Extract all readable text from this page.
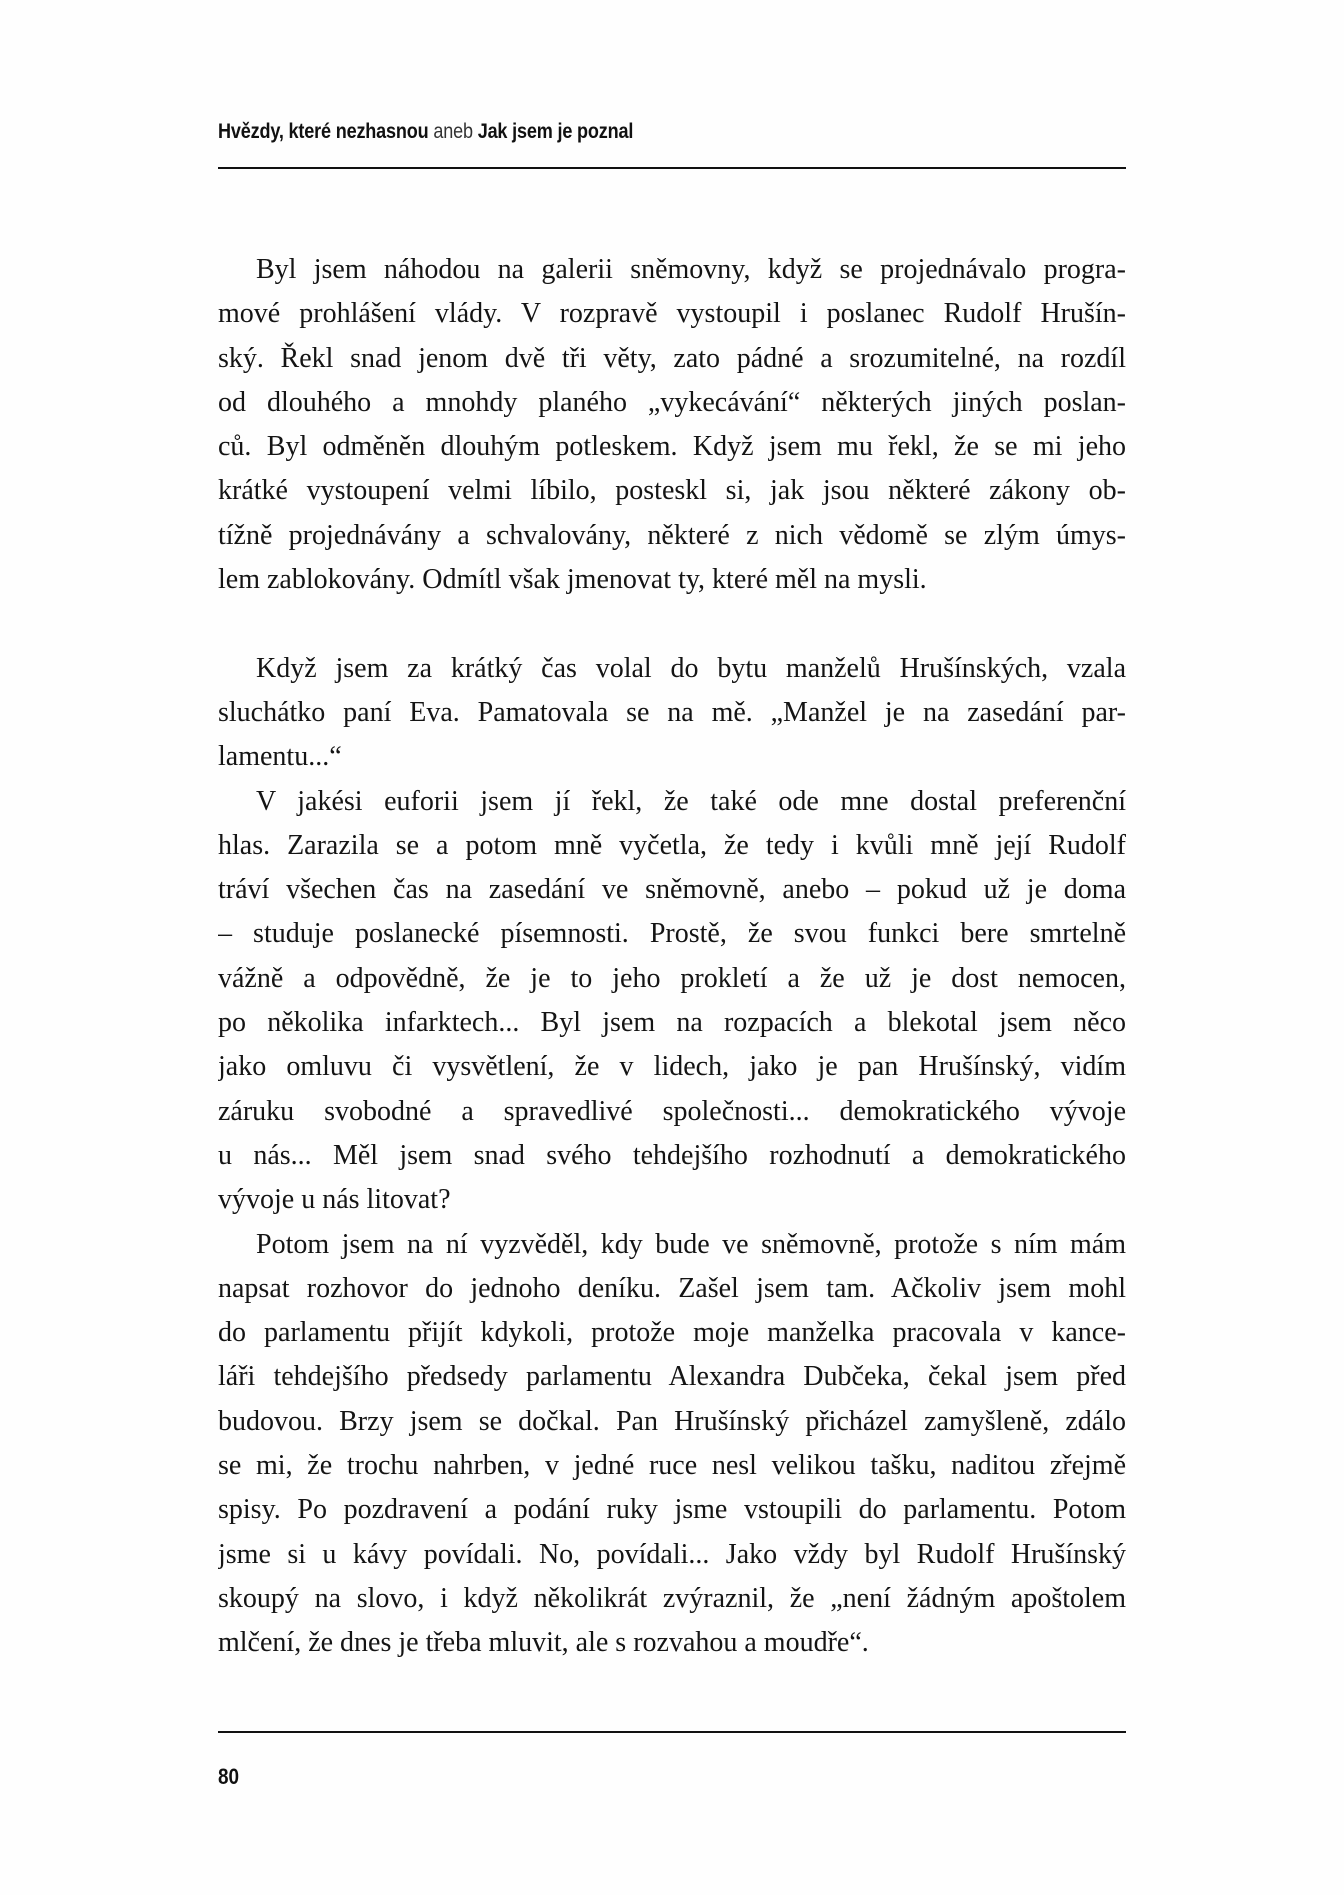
Hvězdy, které nezhasnou aneb Jak jsem je poznal
Byl jsem náhodou na galerii sněmovny, když se projednávalo progra-
mové prohlášení vlády. V rozpravě vystoupil i poslanec Rudolf Hrušín-
ský. Řekl snad jenom dvě tři věty, zato pádné a srozumitelné, na rozdíl
od dlouhého a mnohdy planého „vykecávání“ některých jiných poslan-
ců. Byl odměněn dlouhým potleskem. Když jsem mu řekl, že se mi jeho
krátké vystoupení velmi líbilo, posteskl si, jak jsou některé zákony ob-
tížně projednávány a schvalovány, některé z nich vědomě se zlým úmys-
lem zablokovány. Odmítl však jmenovat ty, které měl na mysli.
Když jsem za krátký čas volal do bytu manželů Hrušínských, vzala
sluchátko paní Eva. Pamatovala se na mě. „Manžel je na zasedání par-
lamentu...“
V jakési euforii jsem jí řekl, že také ode mne dostal preferenční
hlas. Zarazila se a potom mně vyčetla, že tedy i kvůli mně její Rudolf
tráví všechen čas na zasedání ve sněmovně, anebo – pokud už je doma
– studuje poslanecké písemnosti. Prostě, že svou funkci bere smrtelně
vážně a odpovědně, že je to jeho prokletí a že už je dost nemocen,
po několika infarktech... Byl jsem na rozpacích a blekotal jsem něco
jako omluvu či vysvětlení, že v lidech, jako je pan Hrušínský, vidím
záruku svobodné a spravedlivé společnosti... demokratického vývoje
u nás... Měl jsem snad svého tehdejšího rozhodnutí a demokratického
vývoje u nás litovat?
Potom jsem na ní vyzvěděl, kdy bude ve sněmovně, protože s ním mám
napsat rozhovor do jednoho deníku. Zašel jsem tam. Ačkoliv jsem mohl
do parlamentu přijít kdykoli, protože moje manželka pracovala v kance-
láři tehdejšího předsedy parlamentu Alexandra Dubčeka, čekal jsem před
budovou. Brzy jsem se dočkal. Pan Hrušínský přicházel zamyšleně, zdálo
se mi, že trochu nahrben, v jedné ruce nesl velikou tašku, naditou zřejmě
spisy. Po pozdravení a podání ruky jsme vstoupili do parlamentu. Potom
jsme si u kávy povídali. No, povídali... Jako vždy byl Rudolf Hrušínský
skoupý na slovo, i když několikrát zvýraznil, že „není žádným apoštolem
mlčení, že dnes je třeba mluvit, ale s rozvahou a moudře“.
80
